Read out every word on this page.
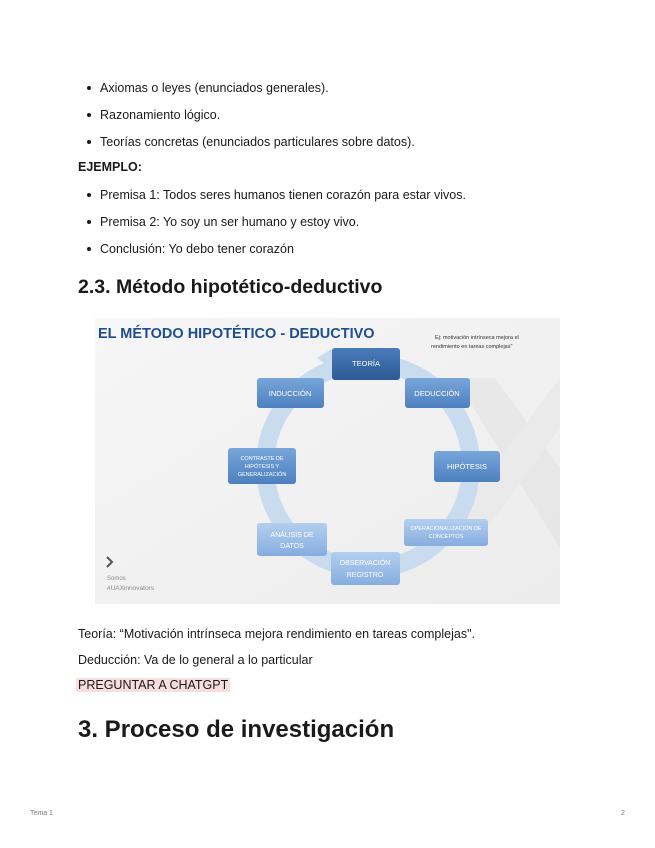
Axiomas o leyes (enunciados generales).
Razonamiento lógico.
Teorías concretas (enunciados particulares sobre datos).
EJEMPLO:
Premisa 1: Todos seres humanos tienen corazón para estar vivos.
Premisa 2: Yo soy un ser humano y estoy vivo.
Conclusión: Yo debo tener corazón
2.3. Método hipotético-deductivo
EL MÉTODO HIPOTÉTICO - DEDUCTIVO	Ej: motivación intrínseca mejora el
rendimiento en tareas complejas"
TEORÍA
DEDUCCIÓN
HIPÓTESIS
OPERACIONALIZACIÓN DE
CONCEPTOS
OBSERVACIÓN
REGISTRO
ANÁLISIS DE
DATOS
CONTRASTE DE
HIPÓTESIS Y
GENERALIZACIÓN
INDUCCIÓN
Somos
#UAXinnovators
Teoría: “Motivación intrínseca mejora rendimiento en tareas complejas".
Deducción: Va de lo general a lo particular
PREGUNTAR A CHATGPT
3. Proceso de investigación
Tema 1	2
